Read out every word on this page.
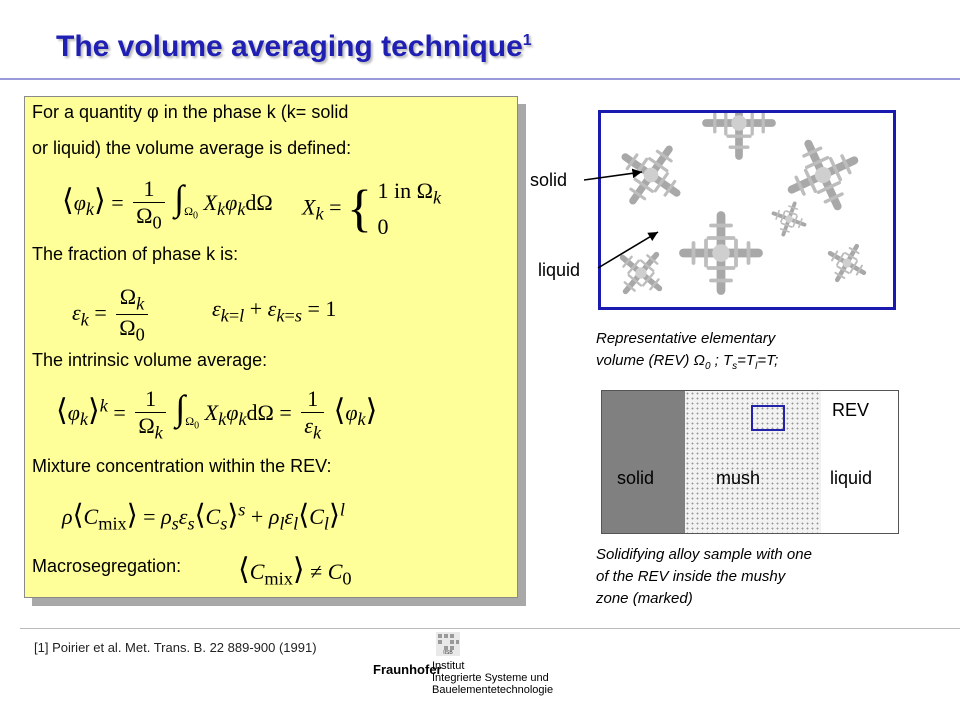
The volume averaging technique$^1$
For a quantity φ in the phase k (k= solid
or liquid) the volume average is defined:
$⟨\varphi_k⟩ = \frac{1}{\Omega_0} \int_{\Omega_0}$ $X_k\varphi_kd\Omega$ $X_k$ = { 1 in $\Omega_k$
0
The fraction of phase k is:
$\varepsilon_k = \frac{\Omega_k}{\Omega_0}$	$\varepsilon_{k=l} + \varepsilon_{k=s} = 1$
The intrinsic volume average:
$⟨\varphi_k⟩^k = \frac{1}{\Omega_k} \int_{\Omega_0}$ $X_k\varphi_kd\Omega = \frac{1}{\varepsilon_k}$ $⟨\varphi_k⟩$
Mixture concentration within the REV:
$\rho⟨C_{mix}⟩$ = $\rho_s\varepsilon_s⟨C_s⟩^s$ + $\rho_l\varepsilon_l⟨C_l⟩^l$
Macrosegregation: $⟨C_{mix}⟩ \ne C_0$
[1] Poirier et al. Met. Trans. B. 22 889-900 (1991)
solid
liquid
Representative elementary
volume (REV) $\Omega_0$ ; $T_s=T_l=T$;
REV
solid	mush	liquid
Solidifying alloy sample with one
of the REV inside the mushy
zone (marked)
IISB
Fraunhofer
Institut
Integrierte Systeme und
Bauelementetechnologie
